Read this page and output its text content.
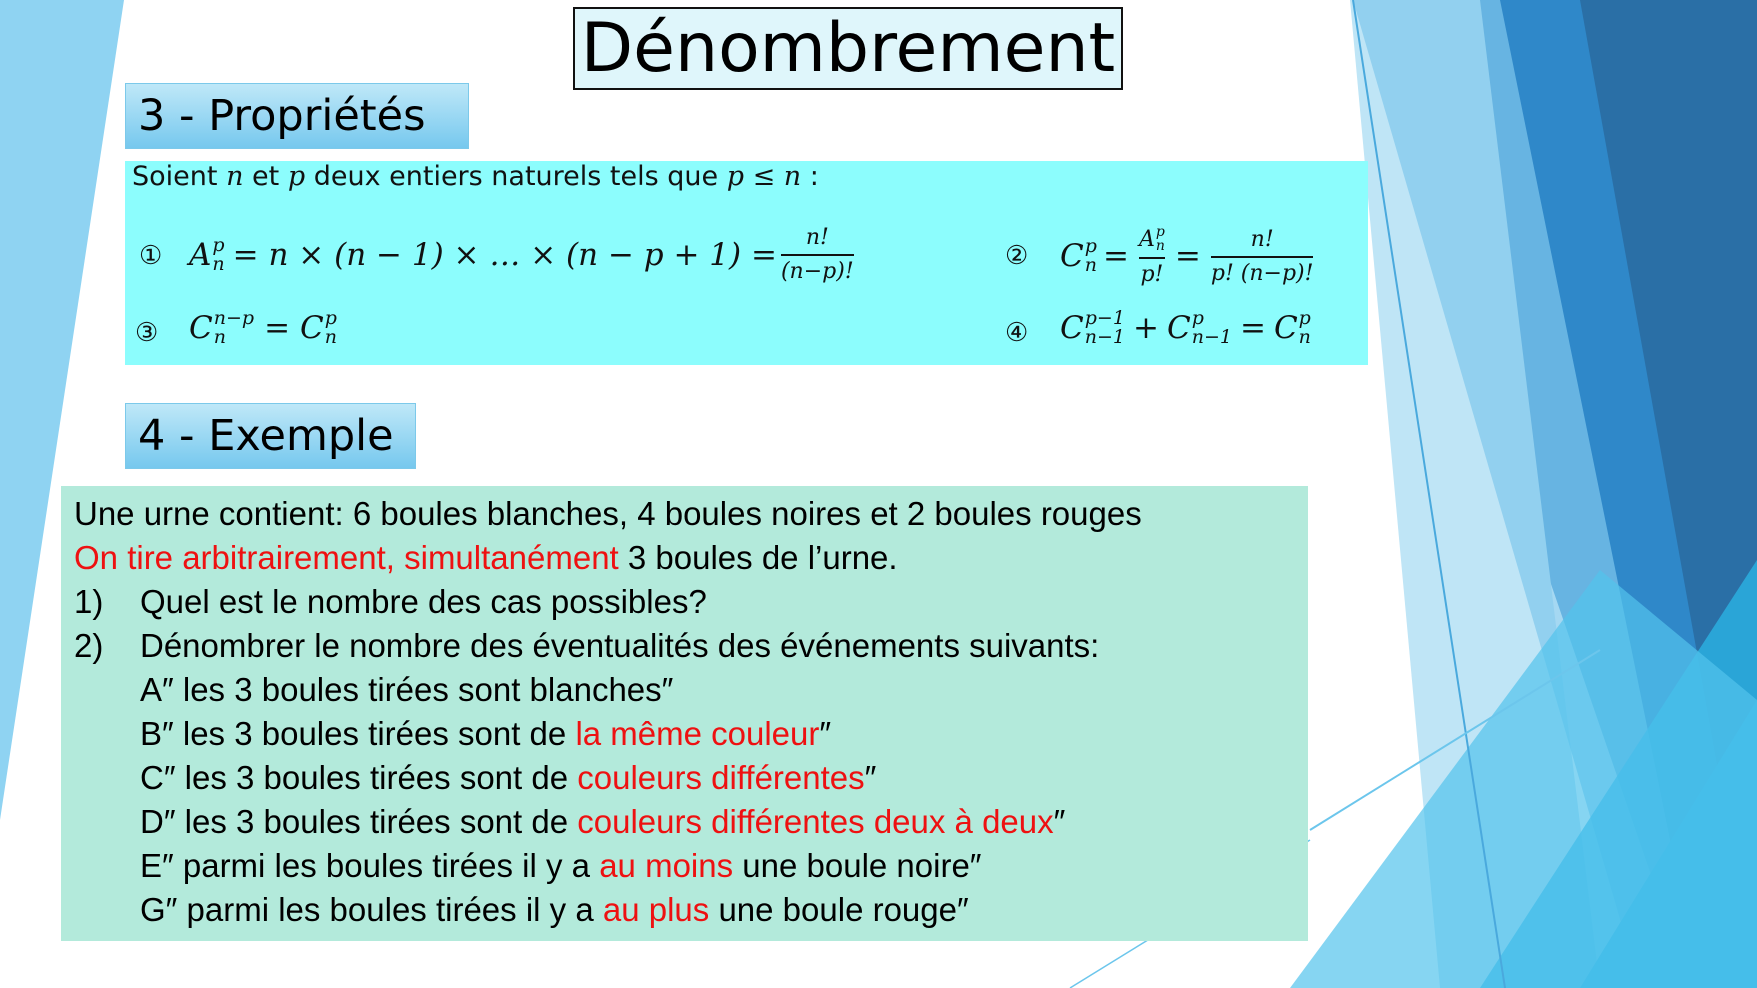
Dénombrement
3 - Propriétés
Soient n et p deux entiers naturels tels que p ≤ n :
① A p
n = n × (n − 1) × … × $(n - p + 1) = \frac{n!}{(n-p)!}$	② C p
n = A p
n
p! = $\frac{n!}{p! (n-p)!}$
③ C n−p
n	= C p
n	④ C p−1
n−1 + C p
n−1 = C p
n
4 - Exemple
Une urne contient: 6 boules blanches, 4 boules noires et 2 boules rouges
On tire arbitrairement, simultanément 3 boules de l’urne.
1) Quel est le nombre des cas possibles?
2) Dénombrer le nombre des éventualités des événements suivants:
A″ les 3 boules tirées sont blanches″
B″ les 3 boules tirées sont de la même couleur″
C″ les 3 boules tirées sont de couleurs différentes″
D″ les 3 boules tirées sont de couleurs différentes deux à deux″
E″ parmi les boules tirées il y a au moins une boule noire″
G″ parmi les boules tirées il y a au plus une boule rouge″
